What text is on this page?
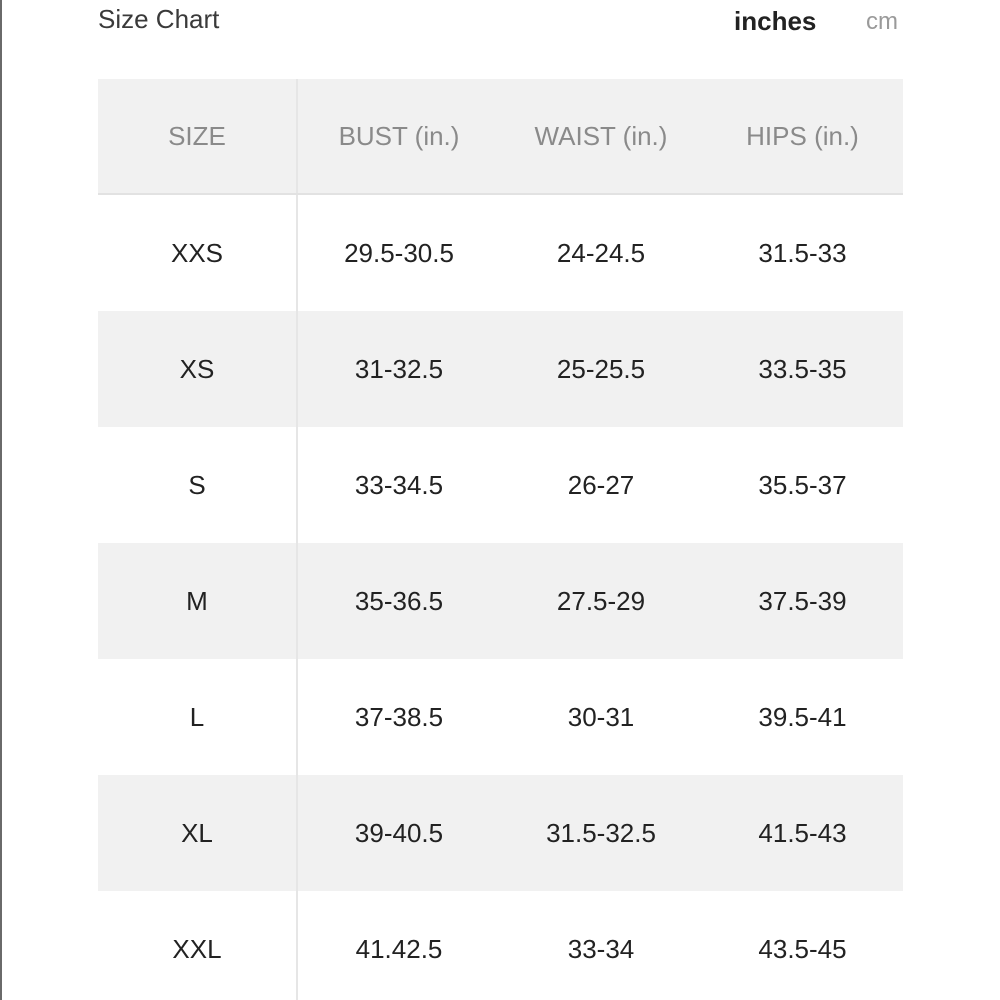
Size Chart	inches cm
SIZE	BUST (in.)	WAIST (in.)	HIPS (in.)
XXS	29.5-30.5	24-24.5	31.5-33
XS	31-32.5	25-25.5	33.5-35
S	33-34.5	26-27	35.5-37
M	35-36.5	27.5-29	37.5-39
L	37-38.5	30-31	39.5-41
XL	39-40.5	31.5-32.5	41.5-43
XXL	41.42.5	33-34	43.5-45
